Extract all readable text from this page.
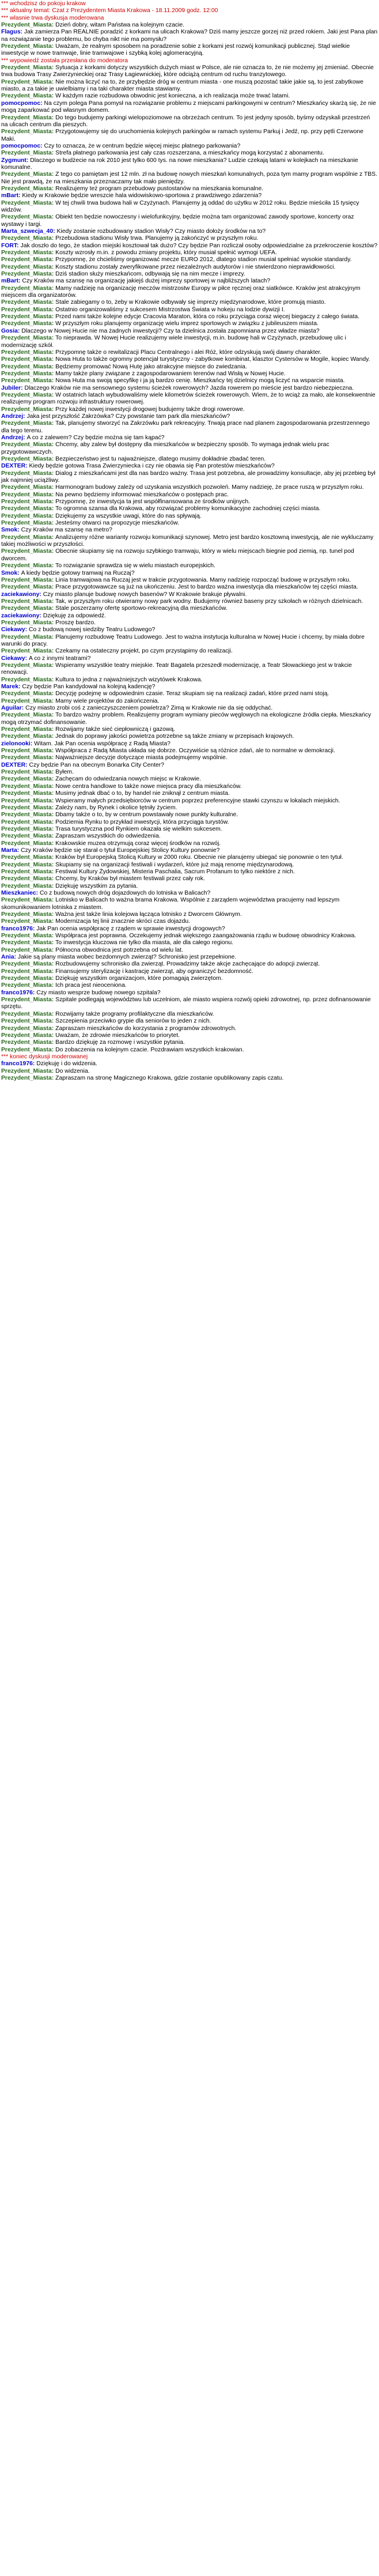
*** wchodzisz do pokoju krakow
*** aktualny temat: Czat z Prezydentem Miasta Krakowa - 18.11.2009 godz. 12:00
*** wlasnie trwa dyskusja moderowana
Prezydent_Miasta: Dzień dobry, witam Państwa na kolejnym czacie.
Flagus: Jak zamierza Pan REALNIE poradzić z korkami na ulicach Krakowa? Dziś mamy jeszcze gorzej niż przed rokiem. Jaki jest Pana plan na rozwiązanie tego problemu, bo chyba nikt nie ma pomysłu?
Prezydent_Miasta: Uważam, że realnym sposobem na poradzenie sobie z korkami jest rozwój komunikacji publicznej. Stąd wielkie inwestycje w nowe tramwaje, linie tramwajowe i szybką kolej aglomeracyjną.
*** wypowiedź została przesłana do moderatora
Prezydent_Miasta: Sytuacja z korkami dotyczy wszystkich dużych miast w Polsce, ale nie oznacza to, że nie możemy jej zmieniać. Obecnie trwa budowa Trasy Zwierzynieckiej oraz Trasy Łagiewnickiej, które odciążą centrum od ruchu tranzytowego.
Prezydent_Miasta: Nie można liczyć na to, że przybędzie dróg w centrum miasta - one muszą pozostać takie jakie są, to jest zabytkowe miasto, a za takie je uwielbiamy i na taki charakter miasta stawiamy.
Prezydent_Miasta: W każdym razie rozbudowa obwodnic jest konieczna, a ich realizacja może trwać latami.
pomocpomoc: Na czym polega Pana pomysł na rozwiązanie problemu z miejscami parkingowymi w centrum? Mieszkańcy skarżą się, że nie mogą zaparkować pod własnym domem.
Prezydent_Miasta: Do tego budujemy parkingi wielopoziomowe na obrzeżach centrum. To jest jedyny sposób, byśmy odzyskali przestrzeń na ulicach centrum dla pieszych.
Prezydent_Miasta: Przygotowujemy się do uruchomienia kolejnych parkingów w ramach systemu Parkuj i Jedź, np. przy pętli Czerwone Maki.
pomocpomoc: Czy to oznacza, że w centrum będzie więcej miejsc płatnego parkowania?
Prezydent_Miasta: Strefa płatnego parkowania jest cały czas rozszerzana, a mieszkańcy mogą korzystać z abonamentu.
Zygmunt: Dlaczego w budżecie na rok 2010 jest tylko 600 tys. na nowe mieszkania? Ludzie czekają latami w kolejkach na mieszkanie komunalne.
Prezydent_Miasta: Z tego co pamiętam jest 12 mln. zł na budowę nowych mieszkań komunalnych, poza tym mamy program wspólnie z TBS. Nie jest prawdą, że na mieszkania przeznaczamy tak mało pieniędzy.
Prezydent_Miasta: Realizujemy też program przebudowy pustostanów na mieszkania komunalne.
mBart: Kiedy w Krakowie będzie wreszcie hala widowiskowo-sportowa z prawdziwego zdarzenia?
Prezydent_Miasta: W tej chwili trwa budowa hali w Czyżynach. Planujemy ją oddać do użytku w 2012 roku. Będzie mieściła 15 tysięcy widzów.
Prezydent_Miasta: Obiekt ten będzie nowoczesny i wielofunkcyjny, będzie można tam organizować zawody sportowe, koncerty oraz wystawy i targi.
Marta_szwecja_40: Kiedy zostanie rozbudowany stadion Wisły? Czy miasto dołoży środków na to?
Prezydent_Miasta: Przebudowa stadionu Wisły trwa. Planujemy ją zakończyć w przyszłym roku.
FORT: Jak doszło do tego, że stadion miejski kosztował tak dużo? Czy będzie Pan rozliczał osoby odpowiedzialne za przekroczenie kosztów?
Prezydent_Miasta: Koszty wzrosły m.in. z powodu zmiany projektu, który musiał spełnić wymogi UEFA.
Prezydent_Miasta: Przypomnę, że chcieliśmy organizować mecze EURO 2012, dlatego stadion musiał spełniać wysokie standardy.
Prezydent_Miasta: Koszty stadionu zostały zweryfikowane przez niezależnych audytorów i nie stwierdzono nieprawidłowości.
Prezydent_Miasta: Dziś stadion służy mieszkańcom, odbywają się na nim mecze i imprezy.
mBart: Czy Kraków ma szansę na organizację jakiejś dużej imprezy sportowej w najbliższych latach?
Prezydent_Miasta: Mamy nadzieję na organizację meczów mistrzostw Europy w piłce ręcznej oraz siatkówce. Kraków jest atrakcyjnym miejscem dla organizatorów.
Prezydent_Miasta: Stale zabiegamy o to, żeby w Krakowie odbywały się imprezy międzynarodowe, które promują miasto.
Prezydent_Miasta: Ostatnio organizowaliśmy z sukcesem Mistrzostwa Świata w hokeju na lodzie dywizji I.
Prezydent_Miasta: Przed nami także kolejne edycje Cracovia Maraton, która co roku przyciąga coraz więcej biegaczy z całego świata.
Prezydent_Miasta: W przyszłym roku planujemy organizację wielu imprez sportowych w związku z jubileuszem miasta.
Gosia: Dlaczego w Nowej Hucie nie ma żadnych inwestycji? Czy ta dzielnica została zapomniana przez władze miasta?
Prezydent_Miasta: To nieprawda. W Nowej Hucie realizujemy wiele inwestycji, m.in. budowę hali w Czyżynach, przebudowę ulic i modernizację szkół.
Prezydent_Miasta: Przypomnę także o rewitalizacji Placu Centralnego i alei Róż, które odzyskują swój dawny charakter.
Prezydent_Miasta: Nowa Huta to także ogromny potencjał turystyczny - zabytkowe kombinat, klasztor Cystersów w Mogile, kopiec Wandy.
Prezydent_Miasta: Będziemy promować Nową Hutę jako atrakcyjne miejsce do zwiedzania.
Prezydent_Miasta: Mamy także plany związane z zagospodarowaniem terenów nad Wisłą w Nowej Hucie.
Prezydent_Miasta: Nowa Huta ma swoją specyfikę i ja ją bardzo cenię. Mieszkańcy tej dzielnicy mogą liczyć na wsparcie miasta.
Jubiler: Dlaczego Kraków nie ma sensownego systemu ścieżek rowerowych? Jazda rowerem po mieście jest bardzo niebezpieczna.
Prezydent_Miasta: W ostatnich latach wybudowaliśmy wiele kilometrów ścieżek rowerowych. Wiem, że to wciąż za mało, ale konsekwentnie realizujemy program rozwoju infrastruktury rowerowej.
Prezydent_Miasta: Przy każdej nowej inwestycji drogowej budujemy także drogi rowerowe.
Andrzej: Jaka jest przyszłość Zakrzówka? Czy powstanie tam park dla mieszkańców?
Prezydent_Miasta: Tak, planujemy stworzyć na Zakrzówku park rekreacyjny. Trwają prace nad planem zagospodarowania przestrzennego dla tego terenu.
Andrzej: A co z zalewem? Czy będzie można się tam kąpać?
Prezydent_Miasta: Chcemy, aby zalew był dostępny dla mieszkańców w bezpieczny sposób. To wymaga jednak wielu prac przygotowawczych.
Prezydent_Miasta: Bezpieczeństwo jest tu najważniejsze, dlatego musimy dokładnie zbadać teren.
DEXTER: Kiedy będzie gotowa Trasa Zwierzyniecka i czy nie obawia się Pan protestów mieszkańców?
Prezydent_Miasta: Dialog z mieszkańcami jest dla nas bardzo ważny. Trasa jest potrzebna, ale prowadzimy konsultacje, aby jej przebieg był jak najmniej uciążliwy.
Prezydent_Miasta: Harmonogram budowy zależy od uzyskania wszystkich pozwoleń. Mamy nadzieję, że prace ruszą w przyszłym roku.
Prezydent_Miasta: Na pewno będziemy informować mieszkańców o postępach prac.
Prezydent_Miasta: Przypomnę, że inwestycja ta jest współfinansowana ze środków unijnych.
Prezydent_Miasta: To ogromna szansa dla Krakowa, aby rozwiązać problemy komunikacyjne zachodniej części miasta.
Prezydent_Miasta: Dziękujemy za wszystkie uwagi, które do nas spływają.
Prezydent_Miasta: Jesteśmy otwarci na propozycje mieszkańców.
Smok: Czy Kraków ma szansę na metro?
Prezydent_Miasta: Analizujemy różne warianty rozwoju komunikacji szynowej. Metro jest bardzo kosztowną inwestycją, ale nie wykluczamy takiej możliwości w przyszłości.
Prezydent_Miasta: Obecnie skupiamy się na rozwoju szybkiego tramwaju, który w wielu miejscach biegnie pod ziemią, np. tunel pod dworcem.
Prezydent_Miasta: To rozwiązanie sprawdza się w wielu miastach europejskich.
Smok: A kiedy będzie gotowy tramwaj na Ruczaj?
Prezydent_Miasta: Linia tramwajowa na Ruczaj jest w trakcie przygotowania. Mamy nadzieję rozpocząć budowę w przyszłym roku.
Prezydent_Miasta: Prace przygotowawcze są już na ukończeniu. Jest to bardzo ważna inwestycja dla mieszkańców tej części miasta.
zaciekawiony: Czy miasto planuje budowę nowych basenów? W Krakowie brakuje pływalni.
Prezydent_Miasta: Tak, w przyszłym roku otwieramy nowy park wodny. Budujemy również baseny przy szkołach w różnych dzielnicach.
Prezydent_Miasta: Stale poszerzamy ofertę sportowo-rekreacyjną dla mieszkańców.
zaciekawiony: Dziękuję za odpowiedź.
Prezydent_Miasta: Proszę bardzo.
Ciekawy: Co z budową nowej siedziby Teatru Ludowego?
Prezydent_Miasta: Planujemy rozbudowę Teatru Ludowego. Jest to ważna instytucja kulturalna w Nowej Hucie i chcemy, by miała dobre warunki do pracy.
Prezydent_Miasta: Czekamy na ostateczny projekt, po czym przystąpimy do realizacji.
Ciekawy: A co z innymi teatrami?
Prezydent_Miasta: Wspieramy wszystkie teatry miejskie. Teatr Bagatela przeszedł modernizację, a Teatr Słowackiego jest w trakcie renowacji.
Prezydent_Miasta: Kultura to jedna z najważniejszych wizytówek Krakowa.
Marek: Czy będzie Pan kandydował na kolejną kadencję?
Prezydent_Miasta: Decyzję podejmę w odpowiednim czasie. Teraz skupiam się na realizacji zadań, które przed nami stoją.
Prezydent_Miasta: Mamy wiele projektów do zakończenia.
Aguilar: Czy miasto zrobi coś z zanieczyszczeniem powietrza? Zimą w Krakowie nie da się oddychać.
Prezydent_Miasta: To bardzo ważny problem. Realizujemy program wymiany pieców węglowych na ekologiczne źródła ciepła. Mieszkańcy mogą otrzymać dofinansowanie.
Prezydent_Miasta: Rozwijamy także sieć ciepłowniczą i gazową.
Prezydent_Miasta: Jednak do poprawy jakości powietrza potrzebne są także zmiany w przepisach krajowych.
zielonooki: Witam. Jak Pan ocenia współpracę z Radą Miasta?
Prezydent_Miasta: Współpraca z Radą Miasta układa się dobrze. Oczywiście są różnice zdań, ale to normalne w demokracji.
Prezydent_Miasta: Najważniejsze decyzje dotyczące miasta podejmujemy wspólnie.
DEXTER: Czy będzie Pan na obecnym Bonarka City Center?
Prezydent_Miasta: Byłem.
Prezydent_Miasta: Zachęcam do odwiedzania nowych miejsc w Krakowie.
Prezydent_Miasta: Nowe centra handlowe to także nowe miejsca pracy dla mieszkańców.
Prezydent_Miasta: Musimy jednak dbać o to, by handel nie zniknął z centrum miasta.
Prezydent_Miasta: Wspieramy małych przedsiębiorców w centrum poprzez preferencyjne stawki czynszu w lokalach miejskich.
Prezydent_Miasta: Zależy nam, by Rynek i okolice tętniły życiem.
Prezydent_Miasta: Dbamy także o to, by w centrum powstawały nowe punkty kulturalne.
Prezydent_Miasta: Podziemia Rynku to przykład inwestycji, która przyciąga turystów.
Prezydent_Miasta: Trasa turystyczna pod Rynkiem okazała się wielkim sukcesem.
Prezydent_Miasta: Zapraszam wszystkich do odwiedzenia.
Prezydent_Miasta: Krakowskie muzea otrzymują coraz więcej środków na rozwój.
Marta: Czy Kraków będzie się starał o tytuł Europejskiej Stolicy Kultury ponownie?
Prezydent_Miasta: Kraków był Europejską Stolicą Kultury w 2000 roku. Obecnie nie planujemy ubiegać się ponownie o ten tytuł.
Prezydent_Miasta: Skupiamy się na organizacji festiwali i wydarzeń, które już mają renomę międzynarodową.
Prezydent_Miasta: Festiwal Kultury Żydowskiej, Misteria Paschalia, Sacrum Profanum to tylko niektóre z nich.
Prezydent_Miasta: Chcemy, by Kraków był miastem festiwali przez cały rok.
Prezydent_Miasta: Dziękuję wszystkim za pytania.
Mieszkaniec: Co z budową nowych dróg dojazdowych do lotniska w Balicach?
Prezydent_Miasta: Lotnisko w Balicach to ważna brama Krakowa. Wspólnie z zarządem województwa pracujemy nad lepszym skomunikowaniem lotniska z miastem.
Prezydent_Miasta: Ważna jest także linia kolejowa łącząca lotnisko z Dworcem Głównym.
Prezydent_Miasta: Modernizacja tej linii znacznie skróci czas dojazdu.
franco1976: Jak Pan ocenia współpracę z rządem w sprawie inwestycji drogowych?
Prezydent_Miasta: Współpraca jest poprawna. Oczekujemy jednak większego zaangażowania rządu w budowę obwodnicy Krakowa.
Prezydent_Miasta: To inwestycja kluczowa nie tylko dla miasta, ale dla całego regionu.
Prezydent_Miasta: Północna obwodnica jest potrzebna od wielu lat.
Ania: Jakie są plany miasta wobec bezdomnych zwierząt? Schronisko jest przepełnione.
Prezydent_Miasta: Rozbudowujemy schronisko dla zwierząt. Prowadzimy także akcje zachęcające do adopcji zwierząt.
Prezydent_Miasta: Finansujemy sterylizację i kastrację zwierząt, aby ograniczyć bezdomność.
Prezydent_Miasta: Dziękuję wszystkim organizacjom, które pomagają zwierzętom.
Prezydent_Miasta: Ich praca jest nieoceniona.
franco1976: Czy miasto wesprze budowę nowego szpitala?
Prezydent_Miasta: Szpitale podlegają województwu lub uczelniom, ale miasto wspiera rozwój opieki zdrowotnej, np. przez dofinansowanie sprzętu.
Prezydent_Miasta: Rozwijamy także programy profilaktyczne dla mieszkańców.
Prezydent_Miasta: Szczepienia przeciwko grypie dla seniorów to jeden z nich.
Prezydent_Miasta: Zapraszam mieszkańców do korzystania z programów zdrowotnych.
Prezydent_Miasta: Uważam, że zdrowie mieszkańców to priorytet.
Prezydent_Miasta: Bardzo dziękuję za rozmowę i wszystkie pytania.
Prezydent_Miasta: Do zobaczenia na kolejnym czacie. Pozdrawiam wszystkich krakowian.
*** koniec dyskusji moderowanej
franco1976: Dziękuję i do widzenia.
Prezydent_Miasta: Do widzenia.
Prezydent_Miasta: Zapraszam na stronę Magicznego Krakowa, gdzie zostanie opublikowany zapis czatu.
